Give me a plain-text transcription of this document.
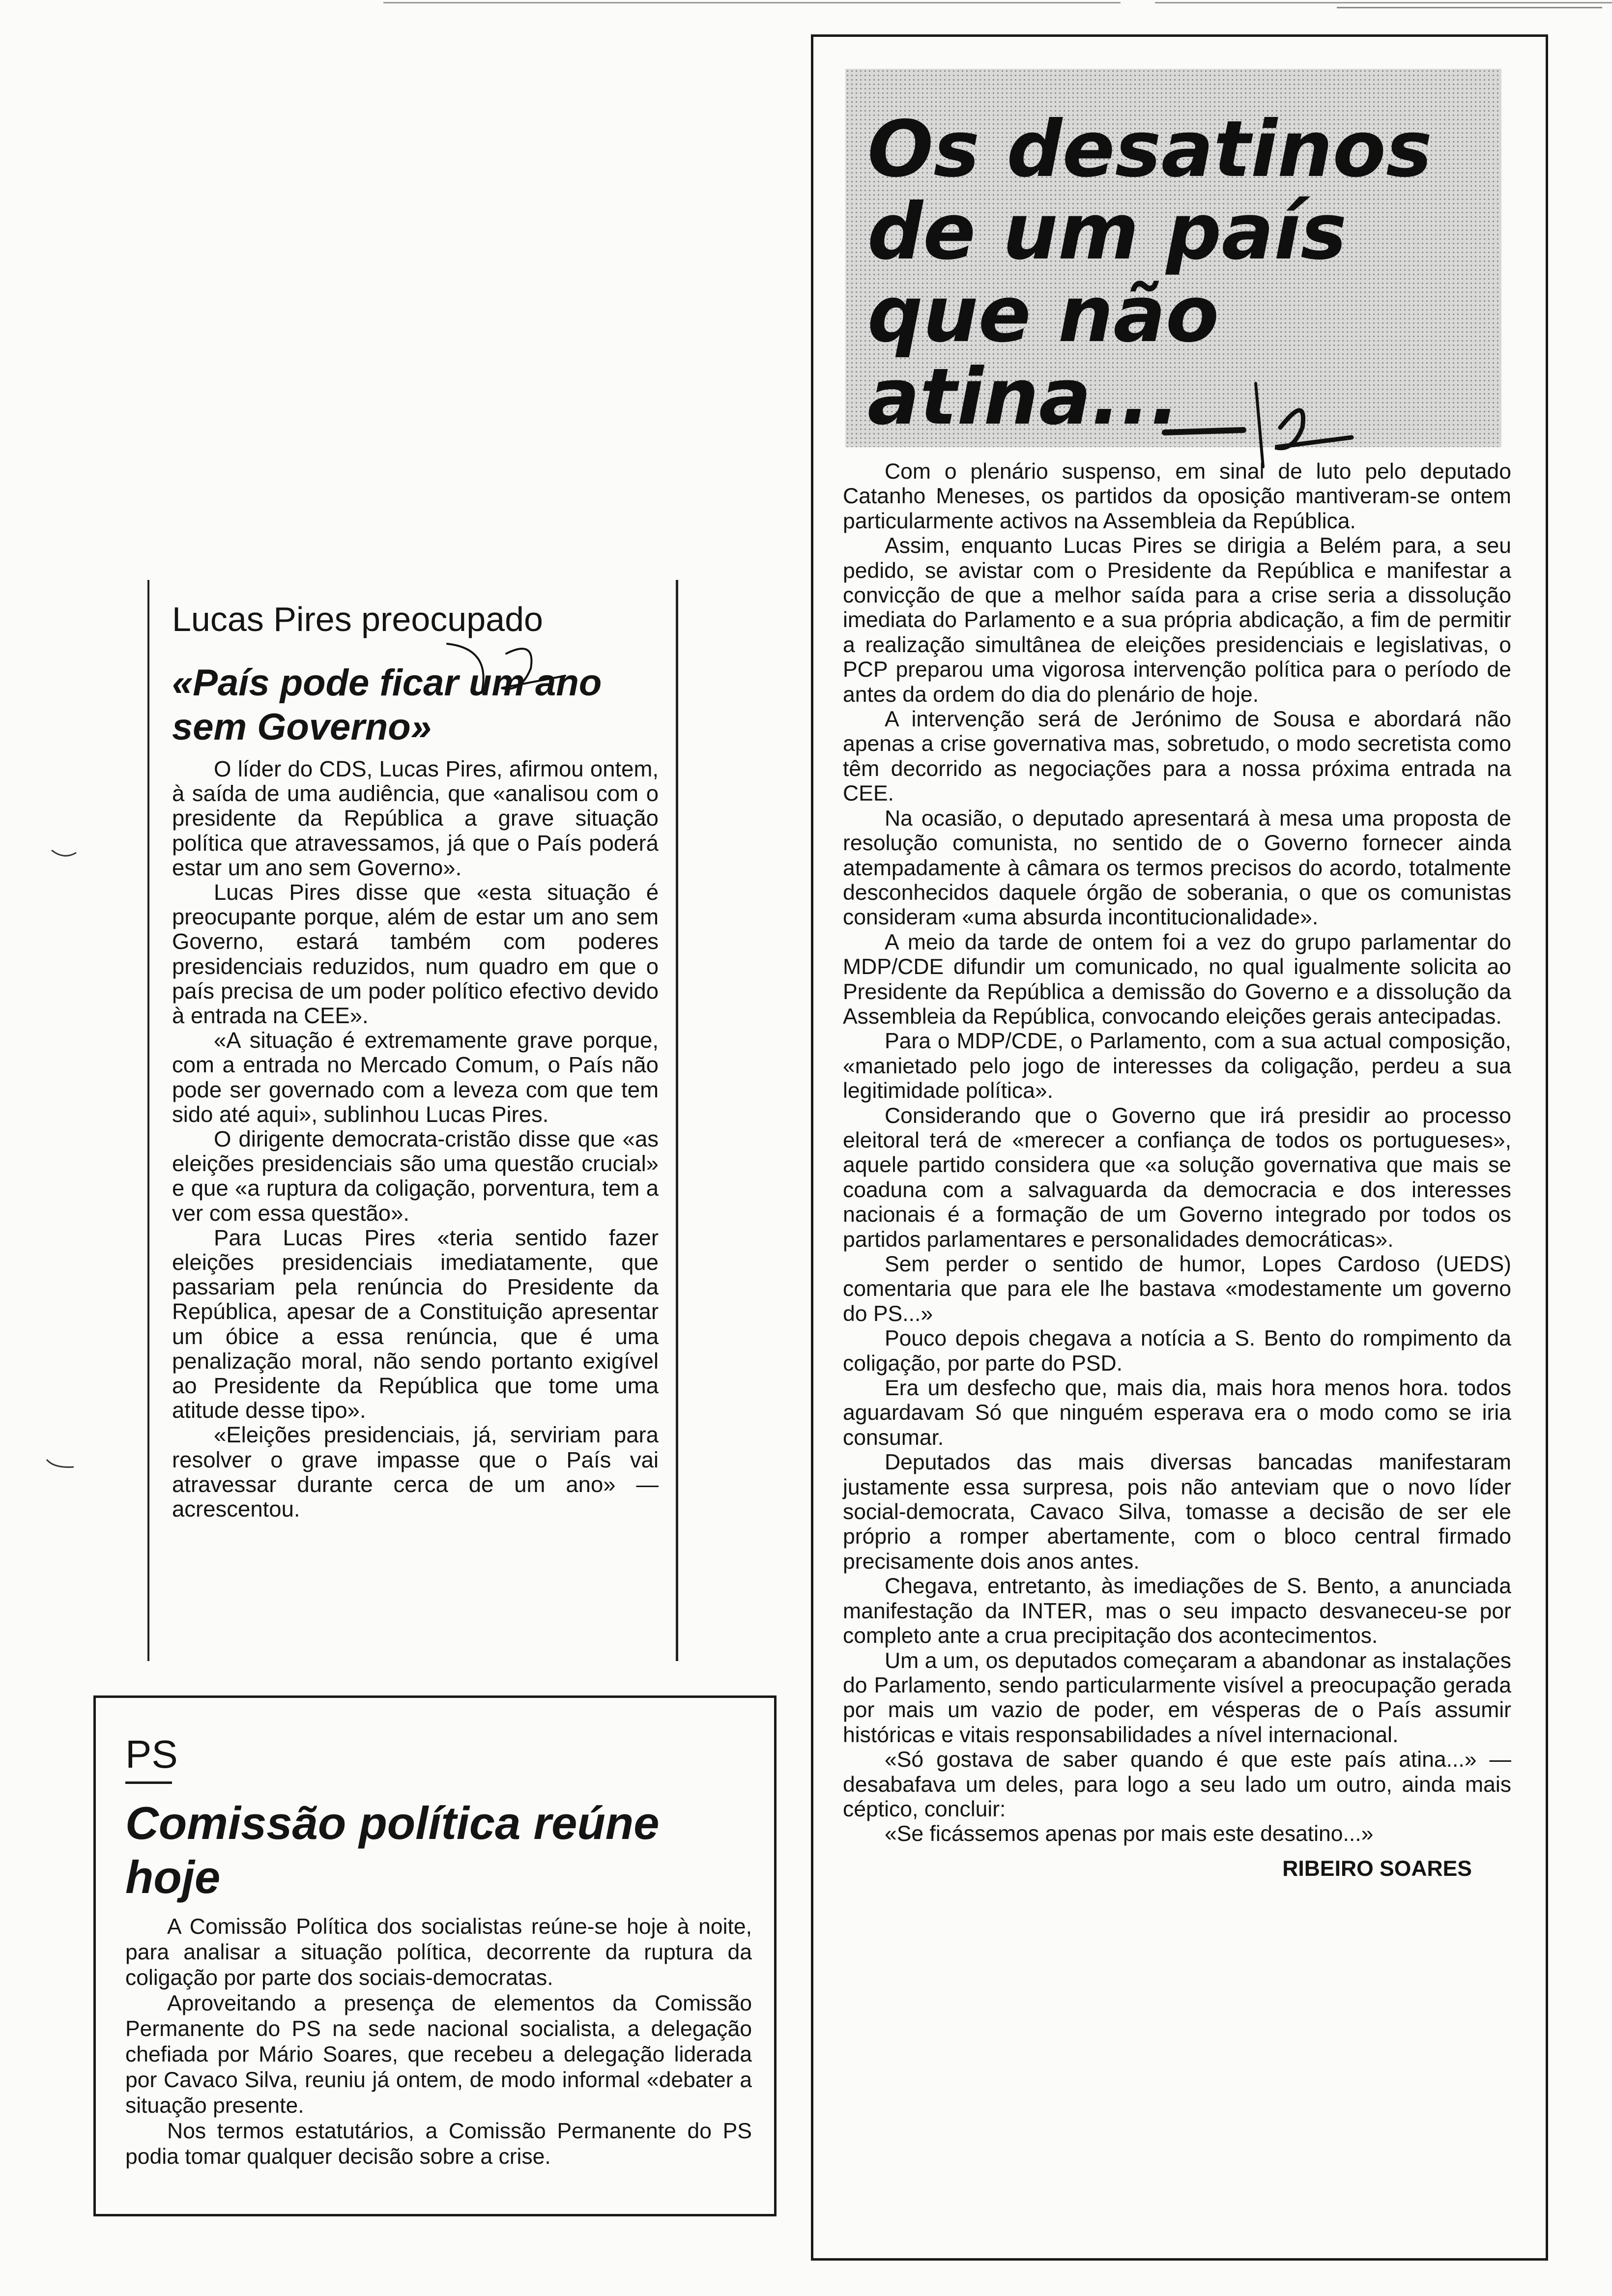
Lucas Pires preocupado
«País pode ficar um ano sem Governo»

O líder do CDS, Lucas Pires, afirmou ontem, à saída de uma audiência, que «analisou com o presidente da República a grave situação política que atravessamos, já que o País poderá estar um ano sem Governo».

Lucas Pires disse que «esta situação é preocupante porque, além de estar um ano sem Governo, estará também com poderes presidenciais reduzidos, num quadro em que o país precisa de um poder político efectivo devido à entrada na CEE».

«A situação é extremamente grave porque, com a entrada no Mercado Comum, o País não pode ser governado com a leveza com que tem sido até aqui», sublinhou Lucas Pires.

O dirigente democrata-cristão disse que «as eleições presidenciais são uma questão crucial» e que «a ruptura da coligação, porventura, tem a ver com essa questão».

Para Lucas Pires «teria sentido fazer eleições presidenciais imediatamente, que passariam pela renúncia do Presidente da República, apesar de a Constituição apresentar um óbice a essa renúncia, que é uma penalização moral, não sendo portanto exigível ao Presidente da República que tome uma atitude desse tipo».

«Eleições presidenciais, já, serviriam para resolver o grave impasse que o País vai atravessar durante cerca de um ano» — acrescentou.

PS
Comissão política reúne hoje

A Comissão Política dos socialistas reúne-se hoje à noite, para analisar a situação política, decorrente da ruptura da coligação por parte dos sociais-democratas.

Aproveitando a presença de elementos da Comissão Permanente do PS na sede nacional socialista, a delegação chefiada por Mário Soares, que recebeu a delegação liderada por Cavaco Silva, reuniu já ontem, de modo informal «debater a situação presente.

Nos termos estatutários, a Comissão Permanente do PS podia tomar qualquer decisão sobre a crise.

Os desatinos de um país que não atina...

Com o plenário suspenso, em sinal de luto pelo deputado Catanho Meneses, os partidos da oposição mantiveram-se ontem particularmente activos na Assembleia da República.

Assim, enquanto Lucas Pires se dirigia a Belém para, a seu pedido, se avistar com o Presidente da República e manifestar a convicção de que a melhor saída para a crise seria a dissolução imediata do Parlamento e a sua própria abdicação, a fim de permitir a realização simultânea de eleições presidenciais e legislativas, o PCP preparou uma vigorosa intervenção política para o período de antes da ordem do dia do plenário de hoje.

A intervenção será de Jerónimo de Sousa e abordará não apenas a crise governativa mas, sobretudo, o modo secretista como têm decorrido as negociações para a nossa próxima entrada na CEE.

Na ocasião, o deputado apresentará à mesa uma proposta de resolução comunista, no sentido de o Governo fornecer ainda atempadamente à câmara os termos precisos do acordo, totalmente desconhecidos daquele órgão de soberania, o que os comunistas consideram «uma absurda incontitucionalidade».

A meio da tarde de ontem foi a vez do grupo parlamentar do MDP/CDE difundir um comunicado, no qual igualmente solicita ao Presidente da República a demissão do Governo e a dissolução da Assembleia da República, convocando eleições gerais antecipadas.

Para o MDP/CDE, o Parlamento, com a sua actual composição, «manietado pelo jogo de interesses da coligação, perdeu a sua legitimidade política».

Considerando que o Governo que irá presidir ao processo eleitoral terá de «merecer a confiança de todos os portugueses», aquele partido considera que «a solução governativa que mais se coaduna com a salvaguarda da democracia e dos interesses nacionais é a formação de um Governo integrado por todos os partidos parlamentares e personalidades democráticas».

Sem perder o sentido de humor, Lopes Cardoso (UEDS) comentaria que para ele lhe bastava «modestamente um governo do PS...»

Pouco depois chegava a notícia a S. Bento do rompimento da coligação, por parte do PSD.

Era um desfecho que, mais dia, mais hora menos hora. todos aguardavam Só que ninguém esperava era o modo como se iria consumar.

Deputados das mais diversas bancadas manifestaram justamente essa surpresa, pois não anteviam que o novo líder social-democrata, Cavaco Silva, tomasse a decisão de ser ele próprio a romper abertamente, com o bloco central firmado precisamente dois anos antes.

Chegava, entretanto, às imediações de S. Bento, a anunciada manifestação da INTER, mas o seu impacto desvaneceu-se por completo ante a crua precipitação dos acontecimentos.

Um a um, os deputados começaram a abandonar as instalações do Parlamento, sendo particularmente visível a preocupação gerada por mais um vazio de poder, em vésperas de o País assumir históricas e vitais responsabilidades a nível internacional.

«Só gostava de saber quando é que este país atina...» — desabafava um deles, para logo a seu lado um outro, ainda mais céptico, concluir:

«Se ficássemos apenas por mais este desatino...»

RIBEIRO SOARES
